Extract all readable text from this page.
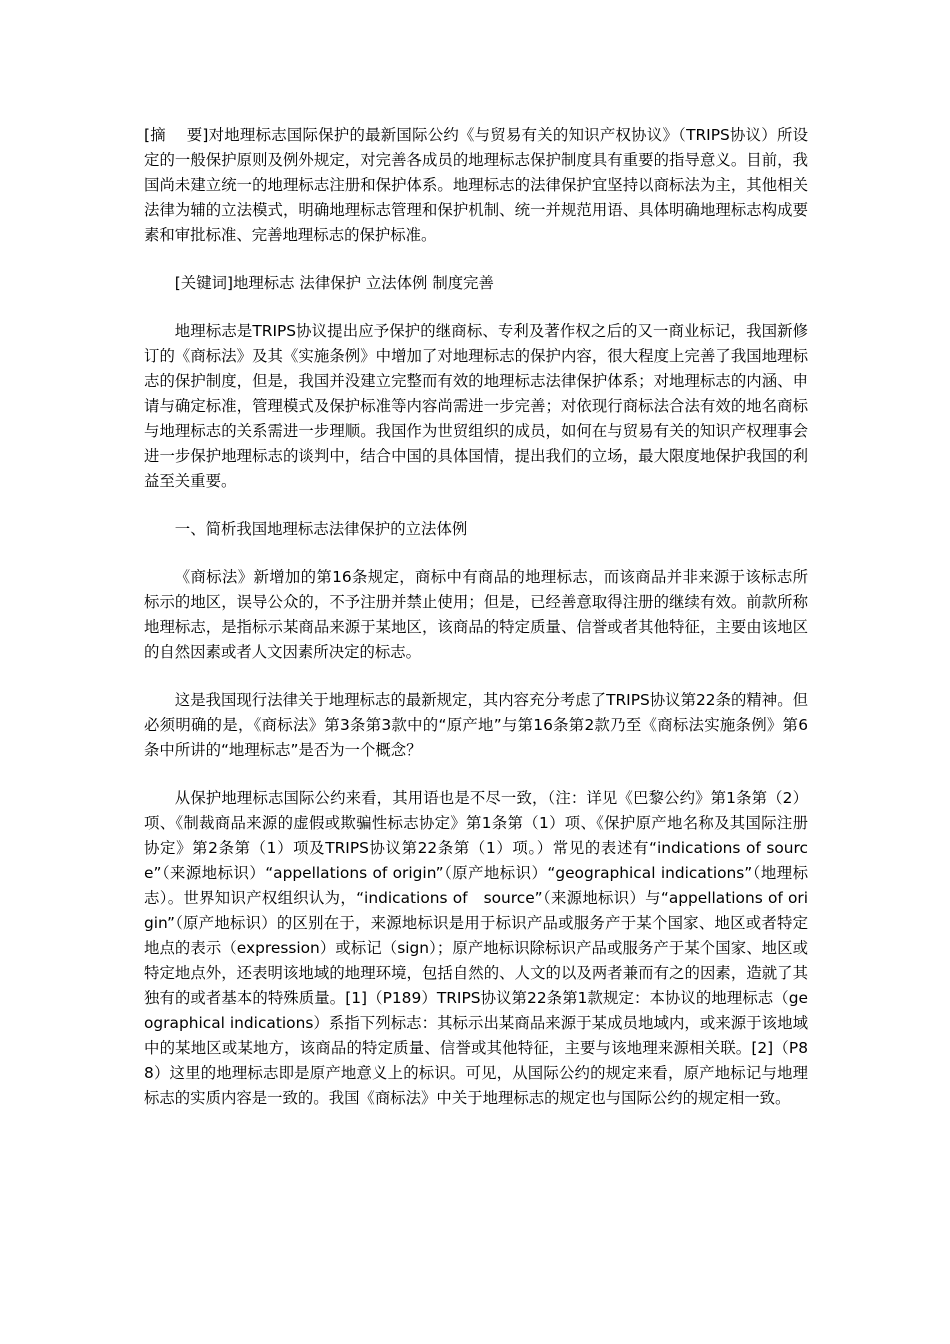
[摘　 要]对地理标志国际保护的最新国际公约《与贸易有关的知识产权协议》（TRIPS协议）所设定的一般保护原则及例外规定，对完善各成员的地理标志保护制度具有重要的指导意义。目前，我国尚未建立统一的地理标志注册和保护体系。地理标志的法律保护宜坚持以商标法为主，其他相关法律为辅的立法模式，明确地理标志管理和保护机制、统一并规范用语、具体明确地理标志构成要素和审批标准、完善地理标志的保护标准。

[关键词]地理标志 法律保护 立法体例 制度完善

地理标志是TRIPS协议提出应予保护的继商标、专利及著作权之后的又一商业标记，我国新修订的《商标法》及其《实施条例》中增加了对地理标志的保护内容，很大程度上完善了我国地理标志的保护制度，但是，我国并没建立完整而有效的地理标志法律保护体系；对地理标志的内涵、申请与确定标准，管理模式及保护标准等内容尚需进一步完善；对依现行商标法合法有效的地名商标与地理标志的关系需进一步理顺。我国作为世贸组织的成员，如何在与贸易有关的知识产权理事会进一步保护地理标志的谈判中，结合中国的具体国情，提出我们的立场，最大限度地保护我国的利益至关重要。

一、简析我国地理标志法律保护的立法体例

《商标法》新增加的第16条规定，商标中有商品的地理标志，而该商品并非来源于该标志所标示的地区，误导公众的，不予注册并禁止使用；但是，已经善意取得注册的继续有效。前款所称地理标志，是指标示某商品来源于某地区，该商品的特定质量、信誉或者其他特征，主要由该地区的自然因素或者人文因素所决定的标志。

这是我国现行法律关于地理标志的最新规定，其内容充分考虑了TRIPS协议第22条的精神。但必须明确的是，《商标法》第3条第3款中的“原产地”与第16条第2款乃至《商标法实施条例》第6条中所讲的“地理标志”是否为一个概念？

从保护地理标志国际公约来看，其用语也是不尽一致，（注：详见《巴黎公约》第1条第（2）项、《制裁商品来源的虚假或欺骗性标志协定》第1条第（1）项、《保护原产地名称及其国际注册协定》第2条第（1）项及TRIPS协议第22条第（1）项。）常见的表述有“indications of source”（来源地标识）“appellations of origin”（原产地标识）“geographical indications”（地理标志）。世界知识产权组织认为，“indications of　source”（来源地标识）与“appellations of origin”（原产地标识）的区别在于，来源地标识是用于标识产品或服务产于某个国家、地区或者特定地点的表示（expression）或标记（sign）；原产地标识除标识产品或服务产于某个国家、地区或特定地点外，还表明该地域的地理环境，包括自然的、人文的以及两者兼而有之的因素，造就了其独有的或者基本的特殊质量。[1]（P189）TRIPS协议第22条第1款规定：本协议的地理标志（geographical indications）系指下列标志：其标示出某商品来源于某成员地域内，或来源于该地域中的某地区或某地方，该商品的特定质量、信誉或其他特征，主要与该地理来源相关联。[2]（P88）这里的地理标志即是原产地意义上的标识。可见，从国际公约的规定来看，原产地标记与地理标志的实质内容是一致的。我国《商标法》中关于地理标志的规定也与国际公约的规定相一致。
